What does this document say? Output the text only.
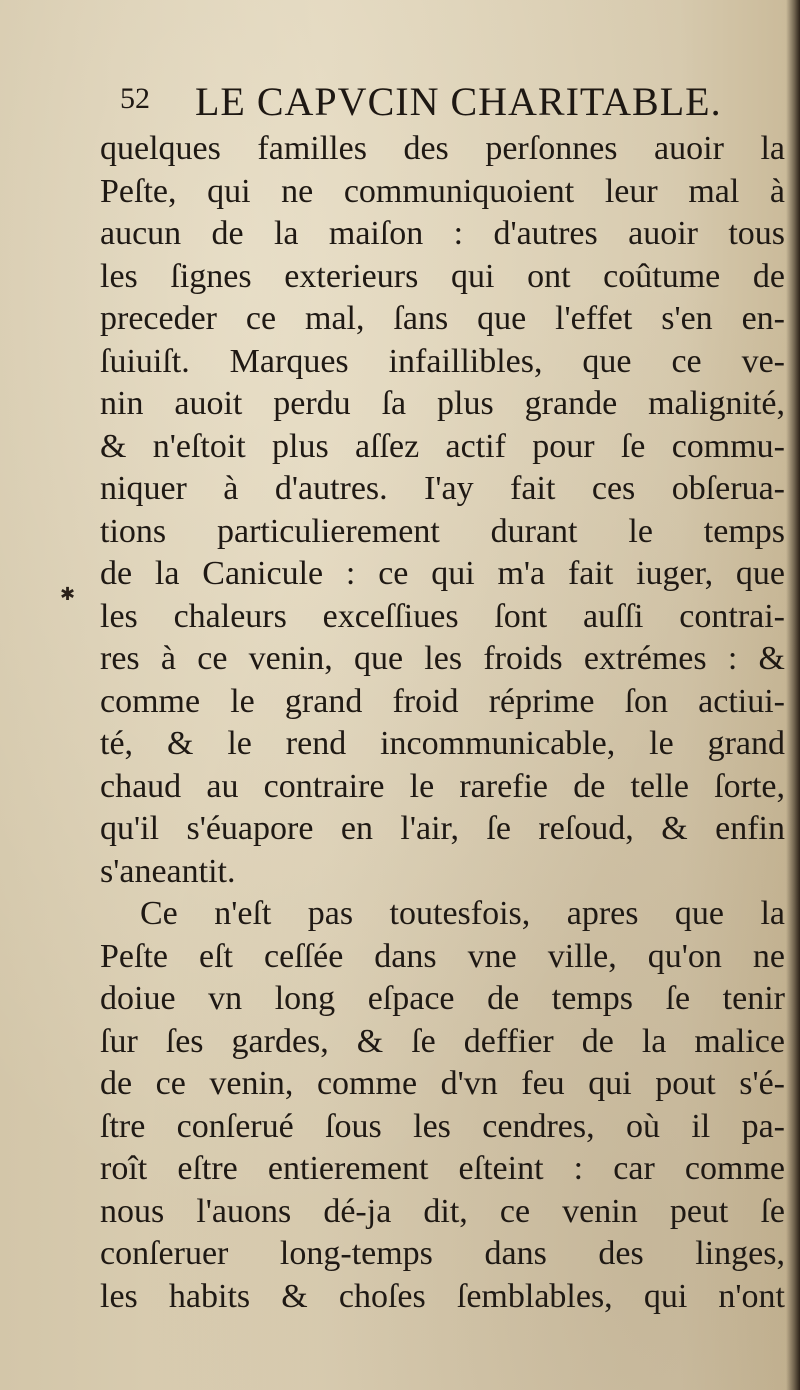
52 LE CAPVCIN CHARITABLE.
✱
quelques familles des perſonnes auoir la
Peſte, qui ne communiquoient leur mal à
aucun de la maiſon : d'autres auoir tous
les ſignes exterieurs qui ont coûtume de
preceder ce mal, ſans que l'effet s'en en-
ſuiuiſt. Marques infaillibles, que ce ve-
nin auoit perdu ſa plus grande malignité,
& n'eſtoit plus aſſez actif pour ſe commu-
niquer à d'autres. I'ay fait ces obſerua-
tions particulierement durant le temps
de la Canicule : ce qui m'a fait iuger, que
les chaleurs exceſſiues ſont auſſi contrai-
res à ce venin, que les froids extrémes : &
comme le grand froid réprime ſon actiui-
té, & le rend incommunicable, le grand
chaud au contraire le rarefie de telle ſorte,
qu'il s'éuapore en l'air, ſe reſoud, & enfin
s'aneantit.
Ce n'eſt pas toutesfois, apres que la
Peſte eſt ceſſée dans vne ville, qu'on ne
doiue vn long eſpace de temps ſe tenir
ſur ſes gardes, & ſe deffier de la malice
de ce venin, comme d'vn feu qui pout s'é-
ſtre conſerué ſous les cendres, où il pa-
roît eſtre entierement eſteint : car comme
nous l'auons dé-ja dit, ce venin peut ſe
conſeruer long-temps dans des linges,
les habits & choſes ſemblables, qui n'ont
